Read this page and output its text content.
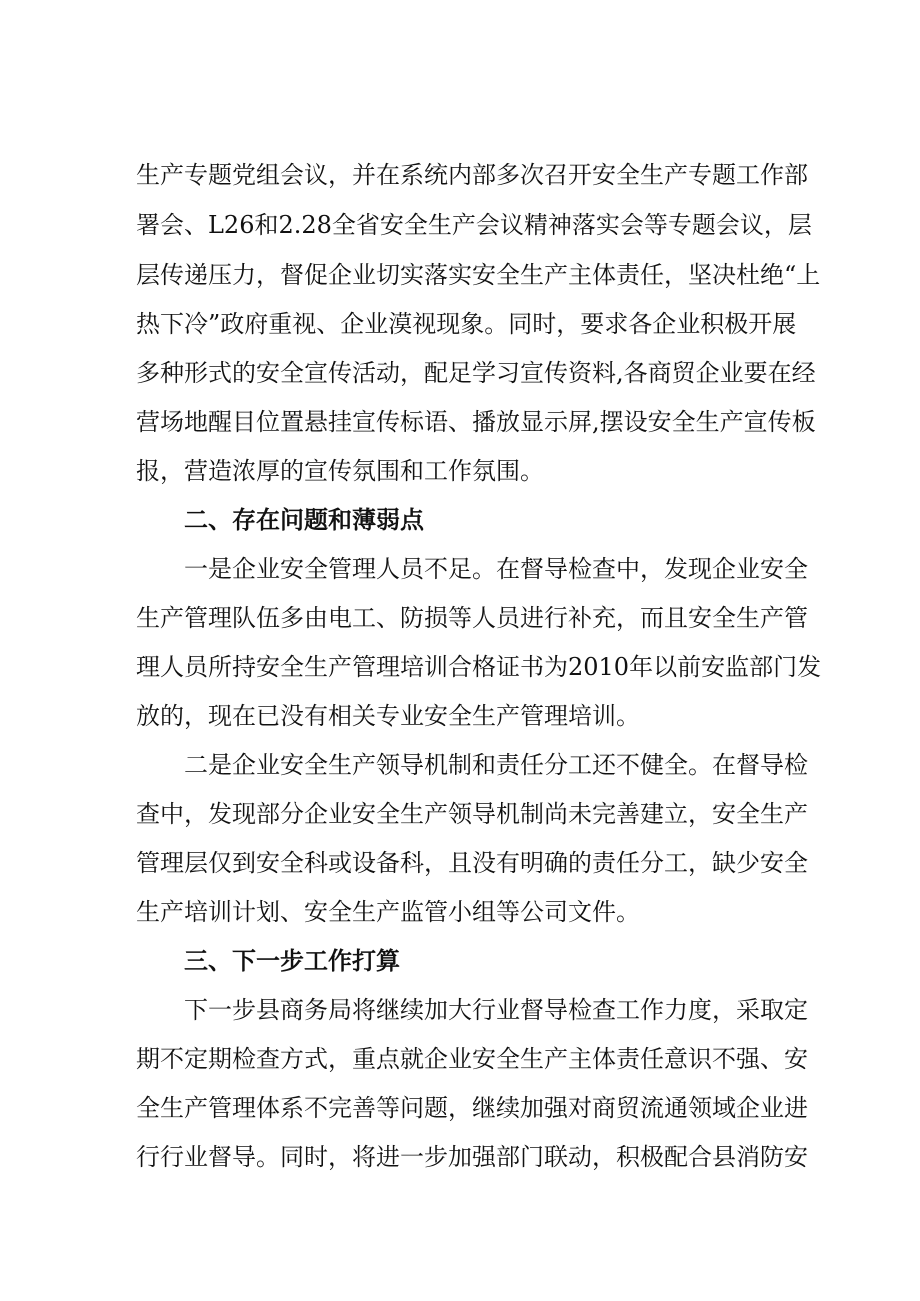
生产专题党组会议，并在系统内部多次召开安全生产专题工作部
署会、L26和2.28全省安全生产会议精神落实会等专题会议，层
层传递压力，督促企业切实落实安全生产主体责任，坚决杜绝“上
热下冷”政府重视、企业漠视现象。同时，要求各企业积极开展
多种形式的安全宣传活动，配足学习宣传资料,各商贸企业要在经
营场地醒目位置悬挂宣传标语、播放显示屏,摆设安全生产宣传板
报，营造浓厚的宣传氛围和工作氛围。
二、存在问题和薄弱点
一是企业安全管理人员不足。在督导检查中，发现企业安全
生产管理队伍多由电工、防损等人员进行补充，而且安全生产管
理人员所持安全生产管理培训合格证书为2010年以前安监部门发
放的，现在已没有相关专业安全生产管理培训。
二是企业安全生产领导机制和责任分工还不健全。在督导检
查中，发现部分企业安全生产领导机制尚未完善建立，安全生产
管理层仅到安全科或设备科，且没有明确的责任分工，缺少安全
生产培训计划、安全生产监管小组等公司文件。
三、下一步工作打算
下一步县商务局将继续加大行业督导检查工作力度，采取定
期不定期检查方式，重点就企业安全生产主体责任意识不强、安
全生产管理体系不完善等问题，继续加强对商贸流通领域企业进
行行业督导。同时，将进一步加强部门联动，积极配合县消防安
